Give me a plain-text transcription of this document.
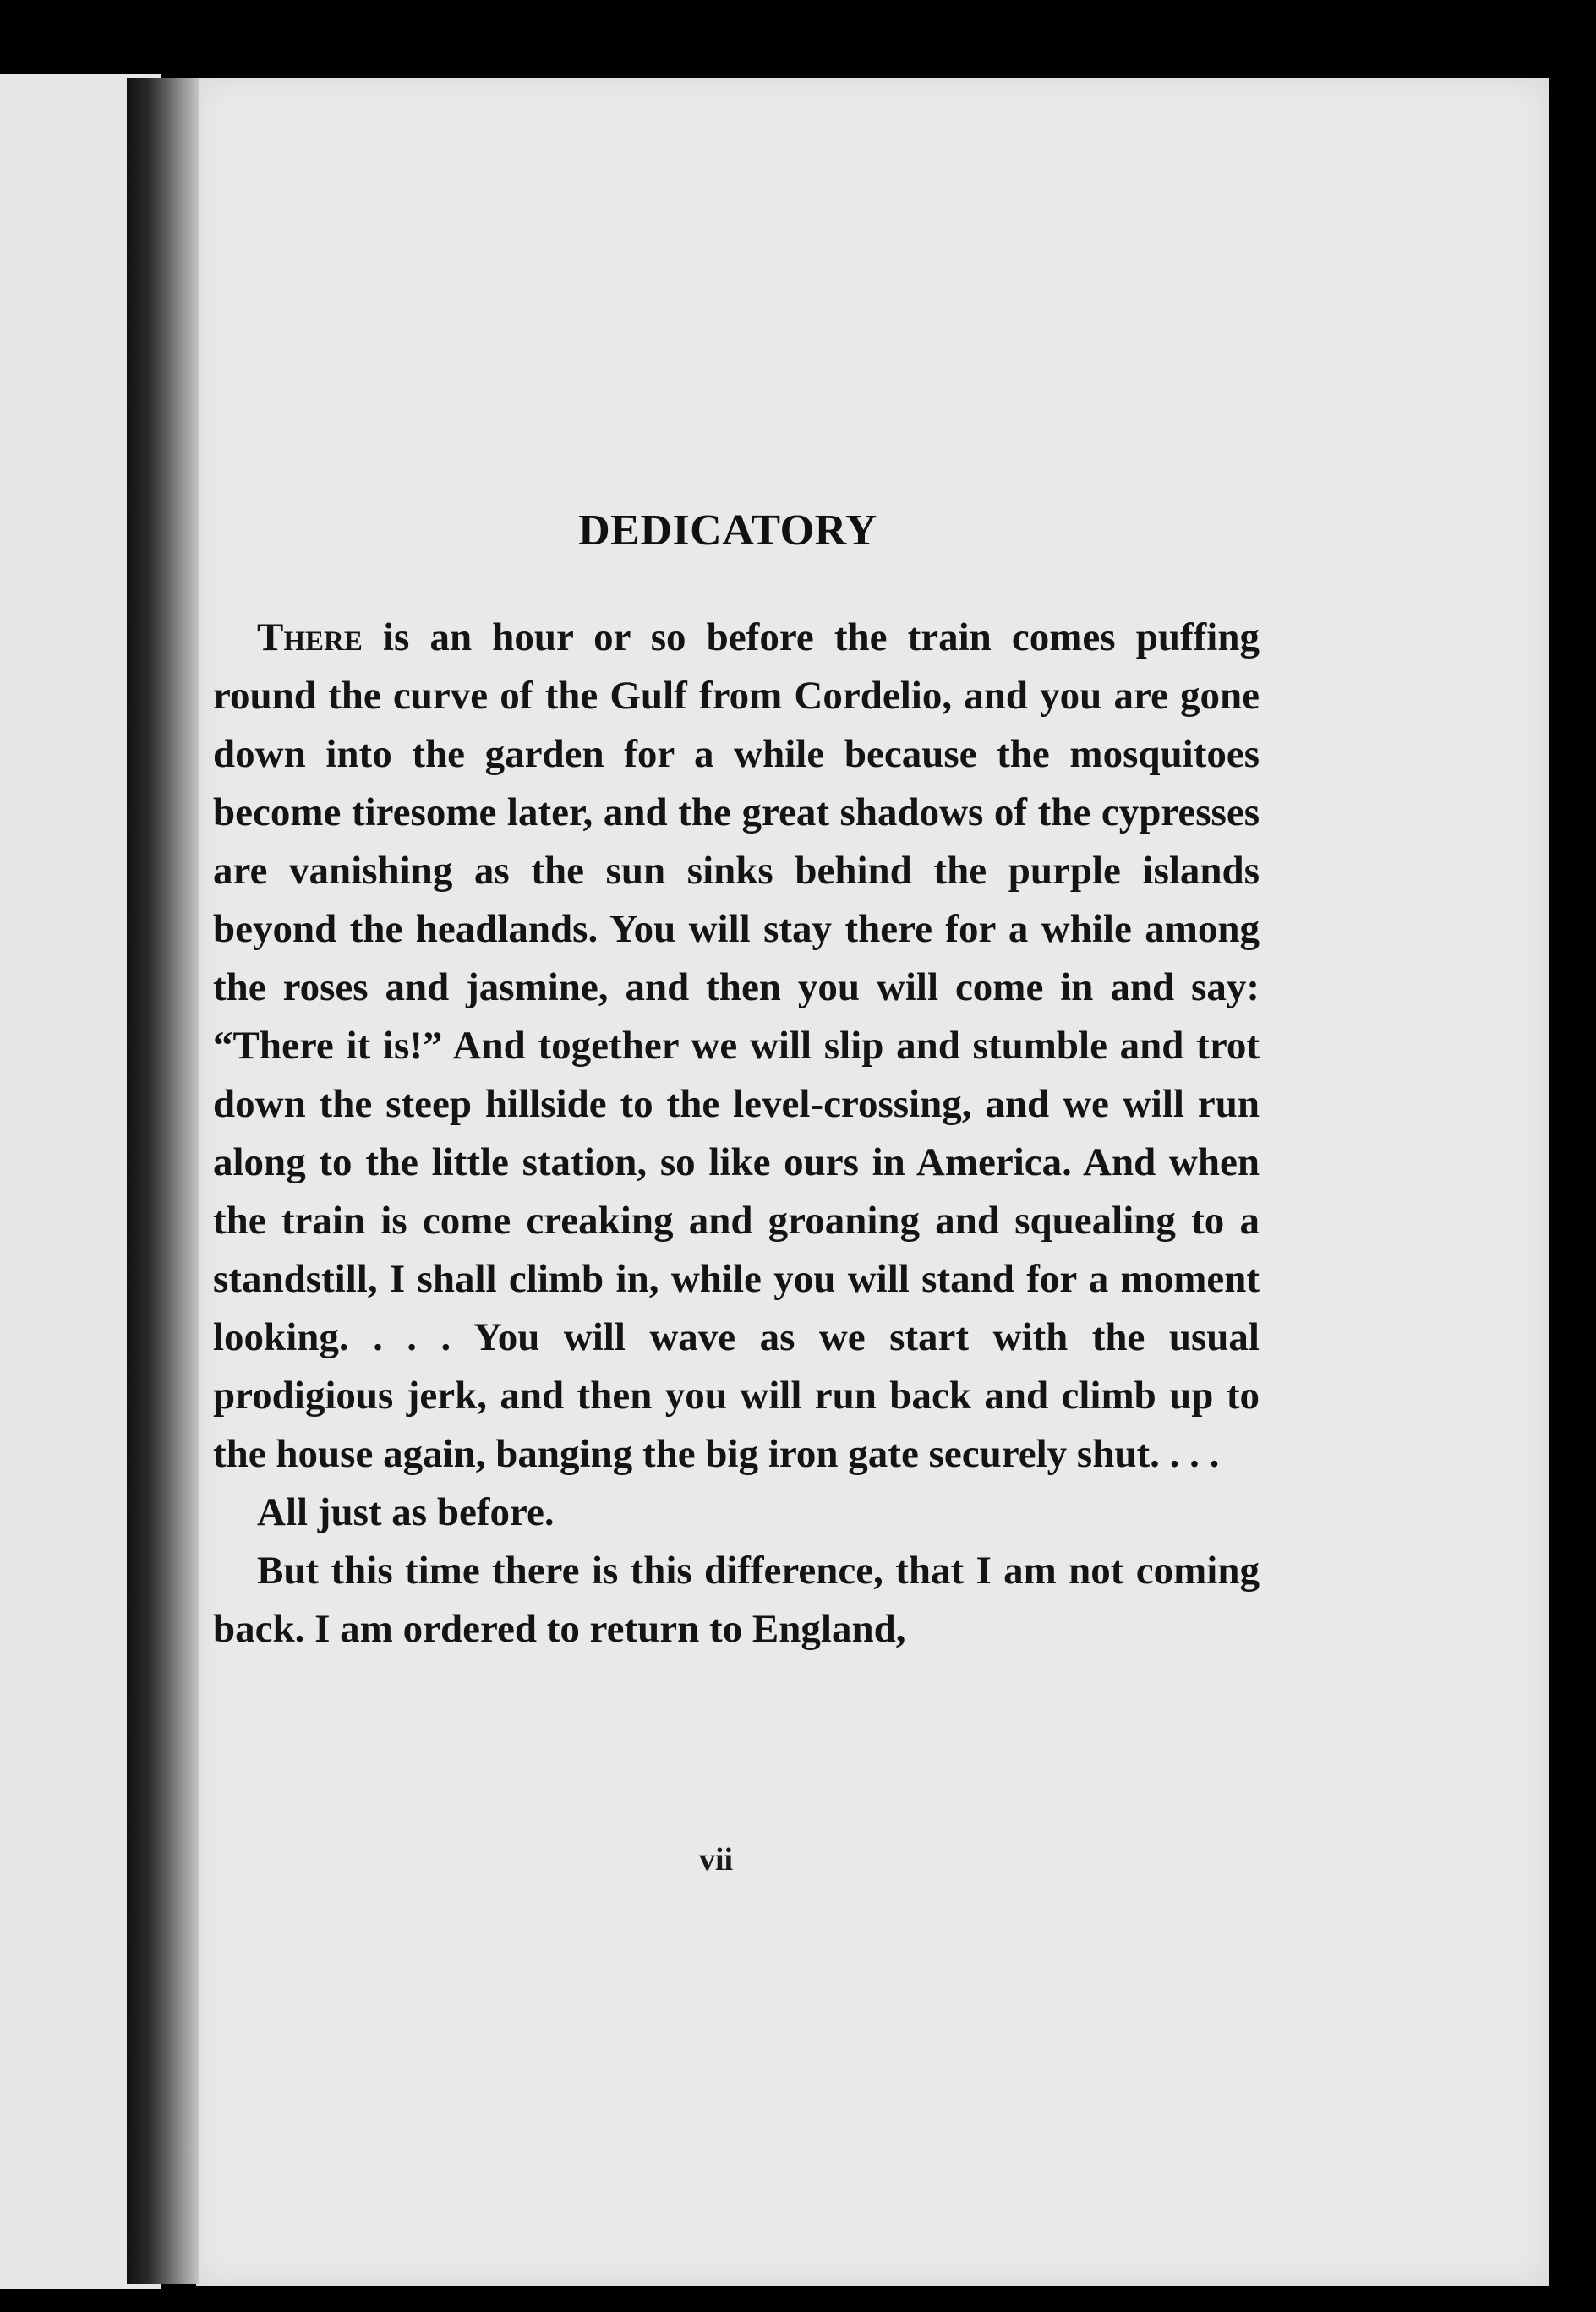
DEDICATORY

There is an hour or so before the train comes puffing round the curve of the Gulf from Cordelio, and you are gone down into the garden for a while because the mosquitoes become tiresome later, and the great shadows of the cypresses are vanishing as the sun sinks behind the purple islands beyond the headlands. You will stay there for a while among the roses and jasmine, and then you will come in and say: “There it is!” And together we will slip and stumble and trot down the steep hillside to the level-crossing, and we will run along to the little station, so like ours in America. And when the train is come creaking and groaning and squealing to a standstill, I shall climb in, while you will stand for a moment looking. . . . You will wave as we start with the usual prodigious jerk, and then you will run back and climb up to the house again, banging the big iron gate securely shut. . . .

All just as before.

But this time there is this difference, that I am not coming back. I am ordered to return to England,

vii
